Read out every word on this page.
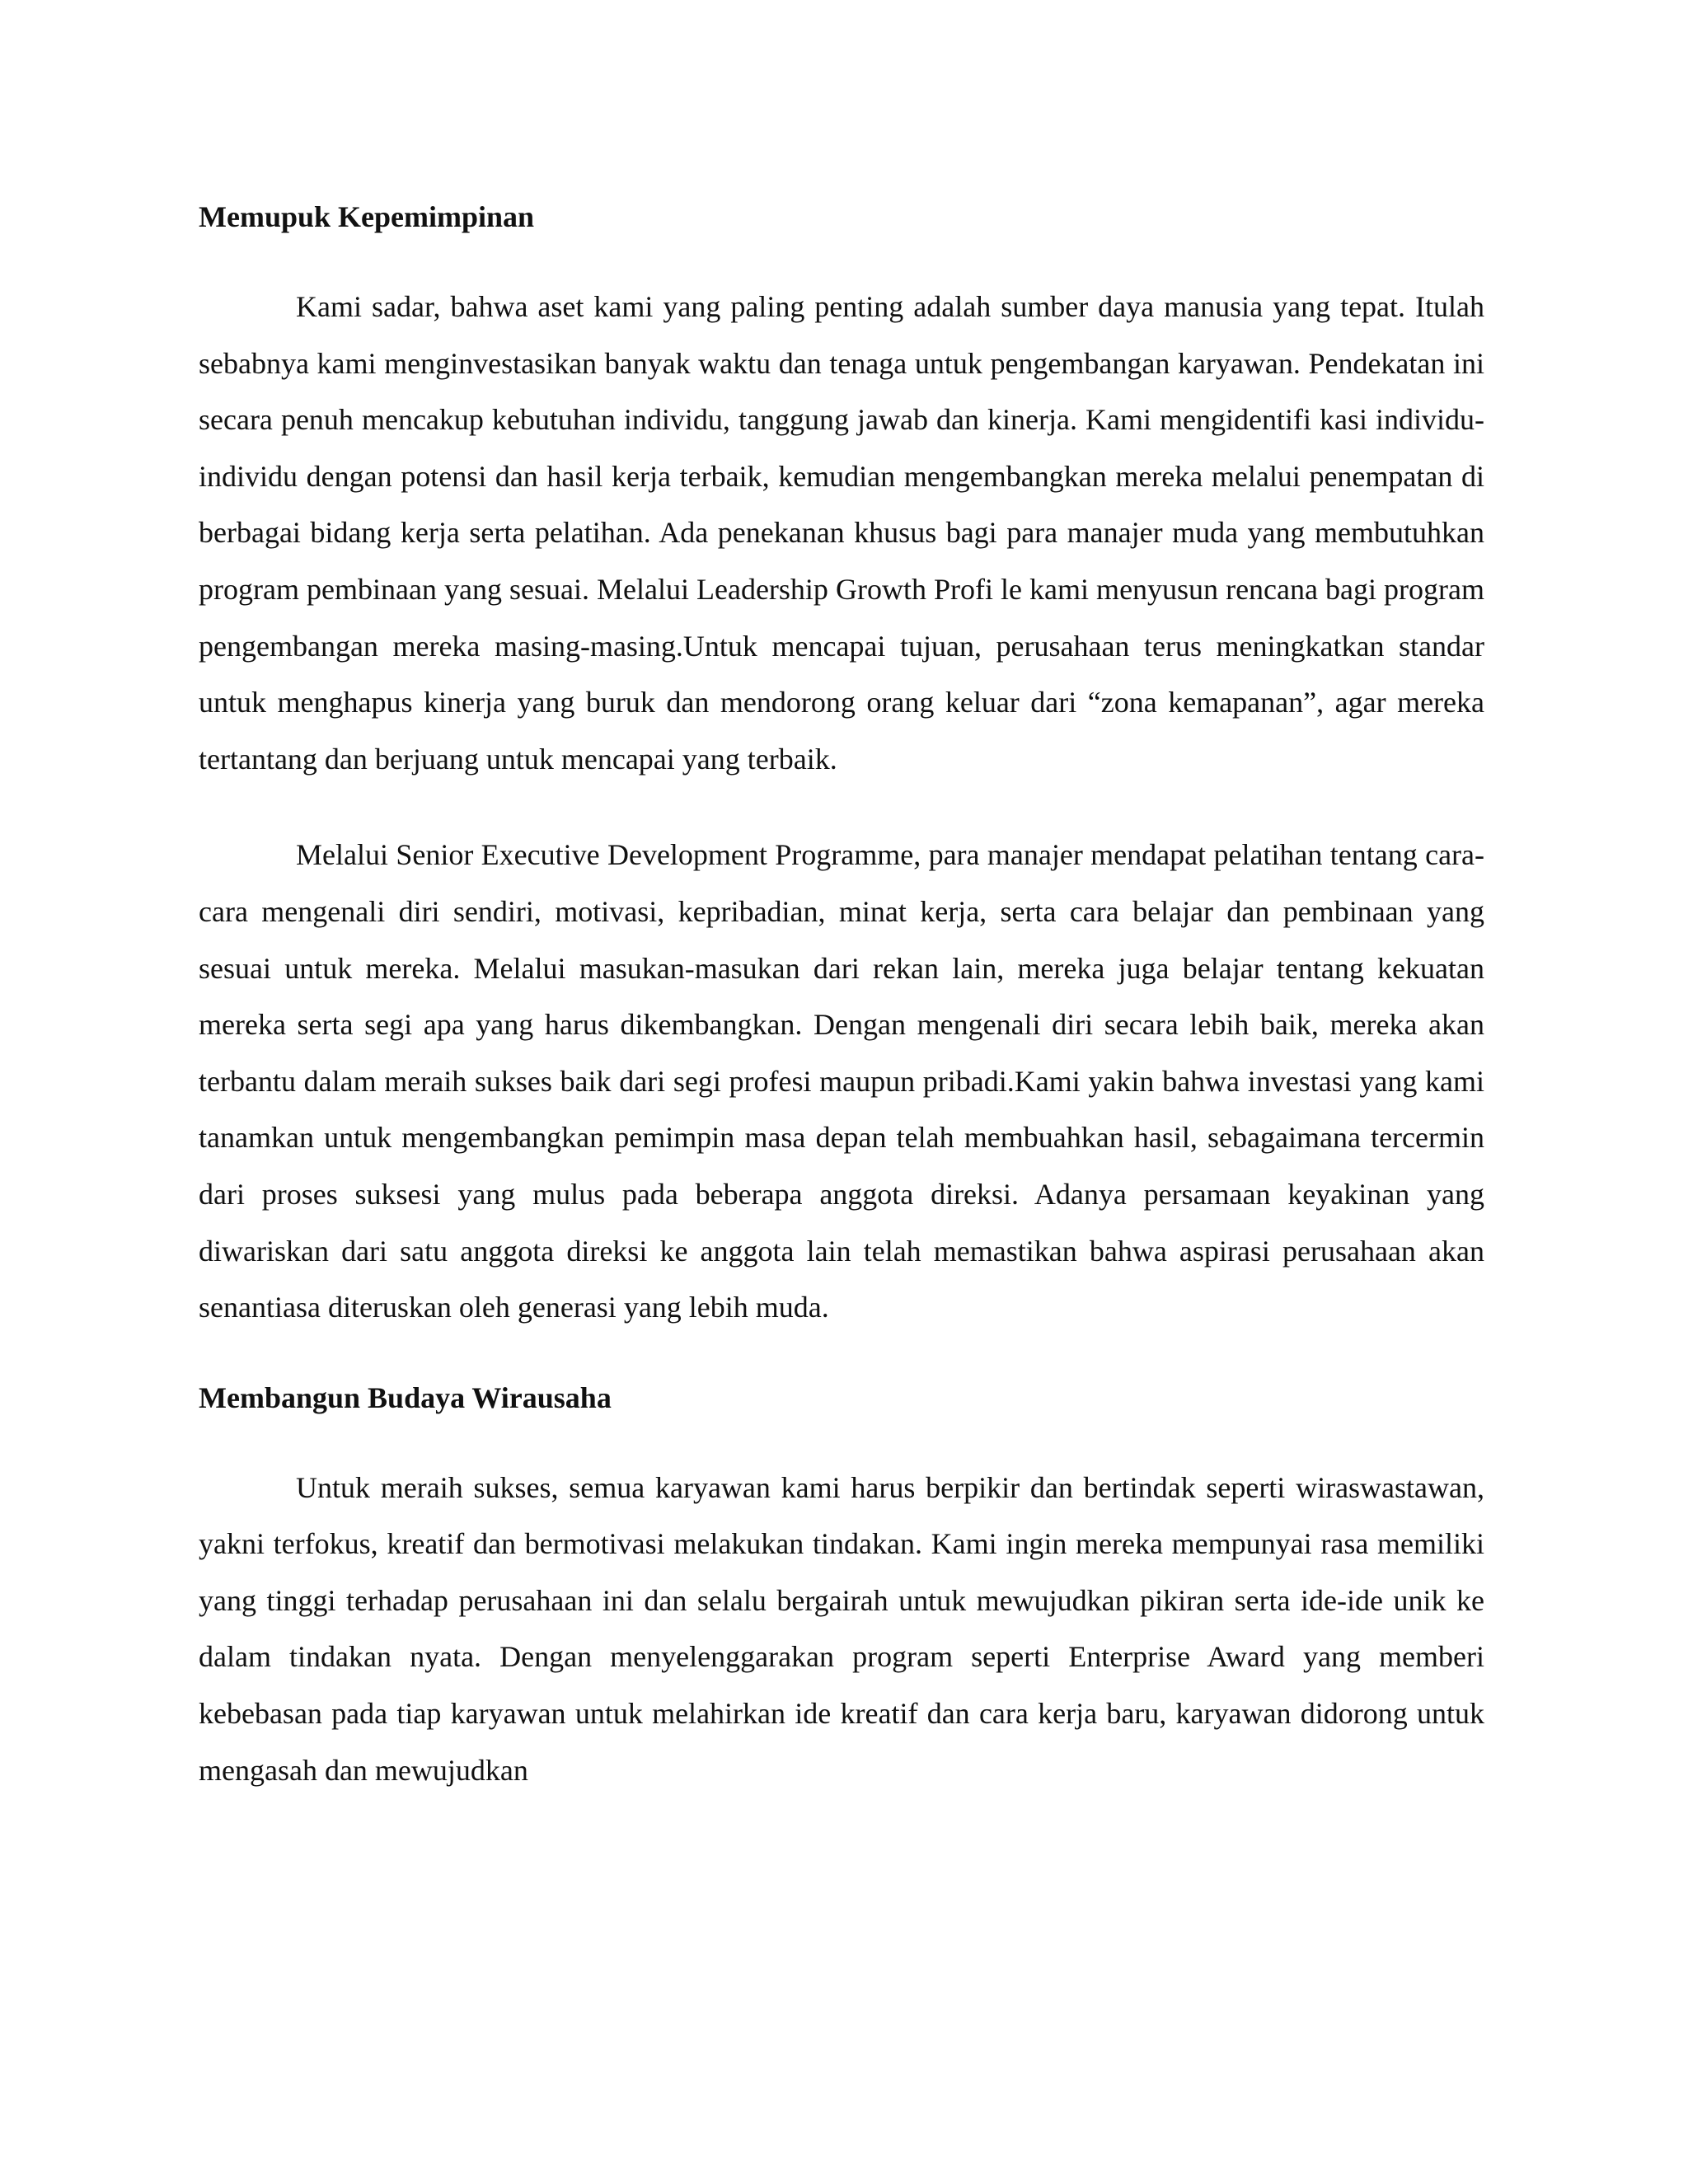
Memupuk Kepemimpinan

Kami sadar, bahwa aset kami yang paling penting adalah sumber daya manusia yang tepat. Itulah sebabnya kami menginvestasikan banyak waktu dan tenaga untuk pengembangan karyawan. Pendekatan ini secara penuh mencakup kebutuhan individu, tanggung jawab dan kinerja. Kami mengidentifi kasi individu-individu dengan potensi dan hasil kerja terbaik, kemudian mengembangkan mereka melalui penempatan di berbagai bidang kerja serta pelatihan. Ada penekanan khusus bagi para manajer muda yang membutuhkan program pembinaan yang sesuai. Melalui Leadership Growth Profi le kami menyusun rencana bagi program pengembangan mereka masing-masing.Untuk mencapai tujuan, perusahaan terus meningkatkan standar untuk menghapus kinerja yang buruk dan mendorong orang keluar dari “zona kemapanan”, agar mereka tertantang dan berjuang untuk mencapai yang terbaik.

Melalui Senior Executive Development Programme, para manajer mendapat pelatihan tentang cara-cara mengenali diri sendiri, motivasi, kepribadian, minat kerja, serta cara belajar dan pembinaan yang sesuai untuk mereka. Melalui masukan-masukan dari rekan lain, mereka juga belajar tentang kekuatan mereka serta segi apa yang harus dikembangkan. Dengan mengenali diri secara lebih baik, mereka akan terbantu dalam meraih sukses baik dari segi profesi maupun pribadi.Kami yakin bahwa investasi yang kami tanamkan untuk mengembangkan pemimpin masa depan telah membuahkan hasil, sebagaimana tercermin dari proses suksesi yang mulus pada beberapa anggota direksi. Adanya persamaan keyakinan yang diwariskan dari satu anggota direksi ke anggota lain telah memastikan bahwa aspirasi perusahaan akan senantiasa diteruskan oleh generasi yang lebih muda.

Membangun Budaya Wirausaha

Untuk meraih sukses, semua karyawan kami harus berpikir dan bertindak seperti wiraswastawan, yakni terfokus, kreatif dan bermotivasi melakukan tindakan. Kami ingin mereka mempunyai rasa memiliki yang tinggi terhadap perusahaan ini dan selalu bergairah untuk mewujudkan pikiran serta ide-ide unik ke dalam tindakan nyata. Dengan menyelenggarakan program seperti Enterprise Award yang memberi kebebasan pada tiap karyawan untuk melahirkan ide kreatif dan cara kerja baru, karyawan didorong untuk mengasah dan mewujudkan
